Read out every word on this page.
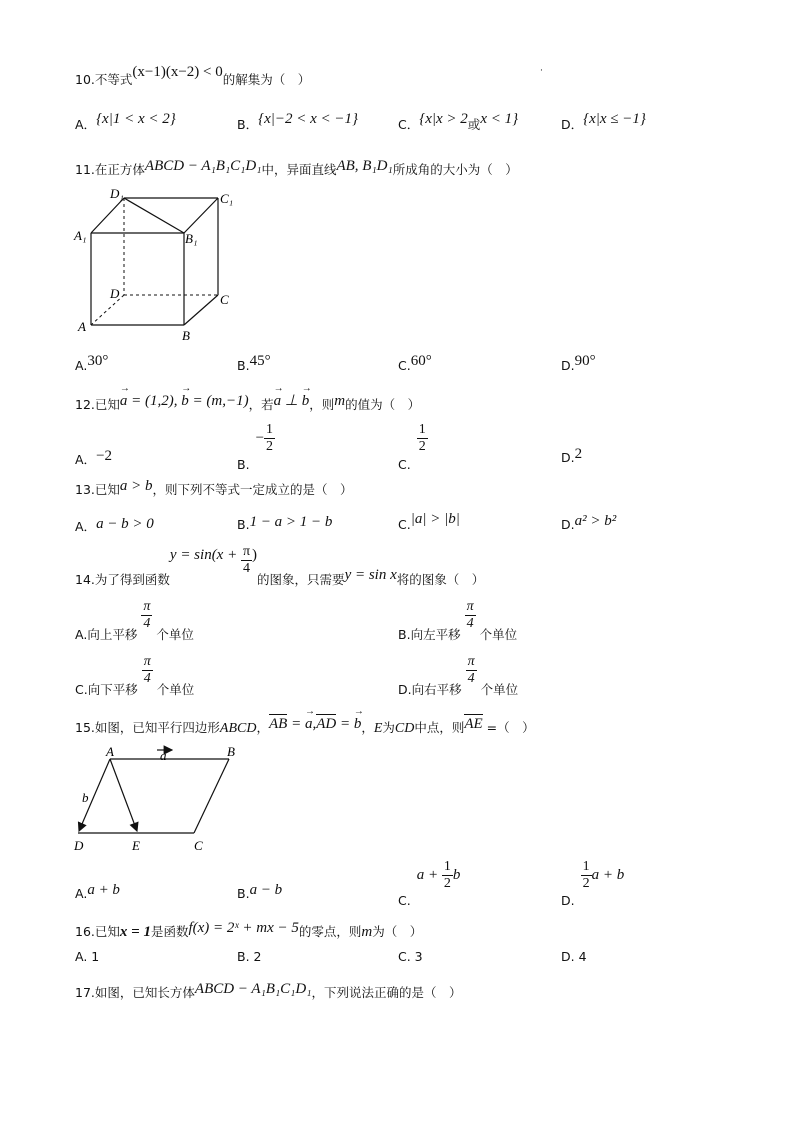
·
10.不等式(x−1)(x−2) < 0的解集为（　）
A．{x|1 < x < 2}	B．{x|−2 < x < −1}	C．{x|x > 2或x < 1}	D．{x|x ≤ −1}
11.在正方体ABCD − A₁B₁C₁D₁中，异面直线AB, B₁D₁所成角的大小为（　）
D₁	C₁
A₁	B₁
D	C
A
B
A.30°	B.45°	C.60°	D.90°
12.已知→ a = (1,2), → b = (m,−1)，若→ a ⊥ → b，则m的值为（　）
A．−2
$B.- \frac{1}{2}$
C.
$\frac{1}{2}$
D.2
13.已知a > b，则下列不等式一定成立的是（　）
A．a − b > 0	B.1 − a > 1 − b	C.|a| > |b|	D.a² > b²
14.为了得到函数$y = \sin(x + \frac{\pi}{4}$ )的图象，只需要y = sin x将的图象（　）
A.向上平移
$\frac{\pi}{4}$
个单位	B.向左平移
$\frac{\pi}{4}$
个单位
C.向下平移
$\frac{\pi}{4}$
个单位	D.向右平移
$\frac{\pi}{4}$
个单位
15.如图，已知平行四边形ABCD，AB = → a,AD = → b，E为CD中点，则AE =（　）
A	B
C
D	E
a
b
A.a + b	B.a − b
$C.a + \frac{1}{2}$ b
D.
$\frac{1}{2}$ a + b
16.已知x = 1是函数f(x) = 2ˣ + mx − 5的零点，则m为（　）
A. 1	B. 2	C. 3	D. 4
17.如图，已知长方体ABCD − A₁B₁C₁D₁，下列说法正确的是（　）
